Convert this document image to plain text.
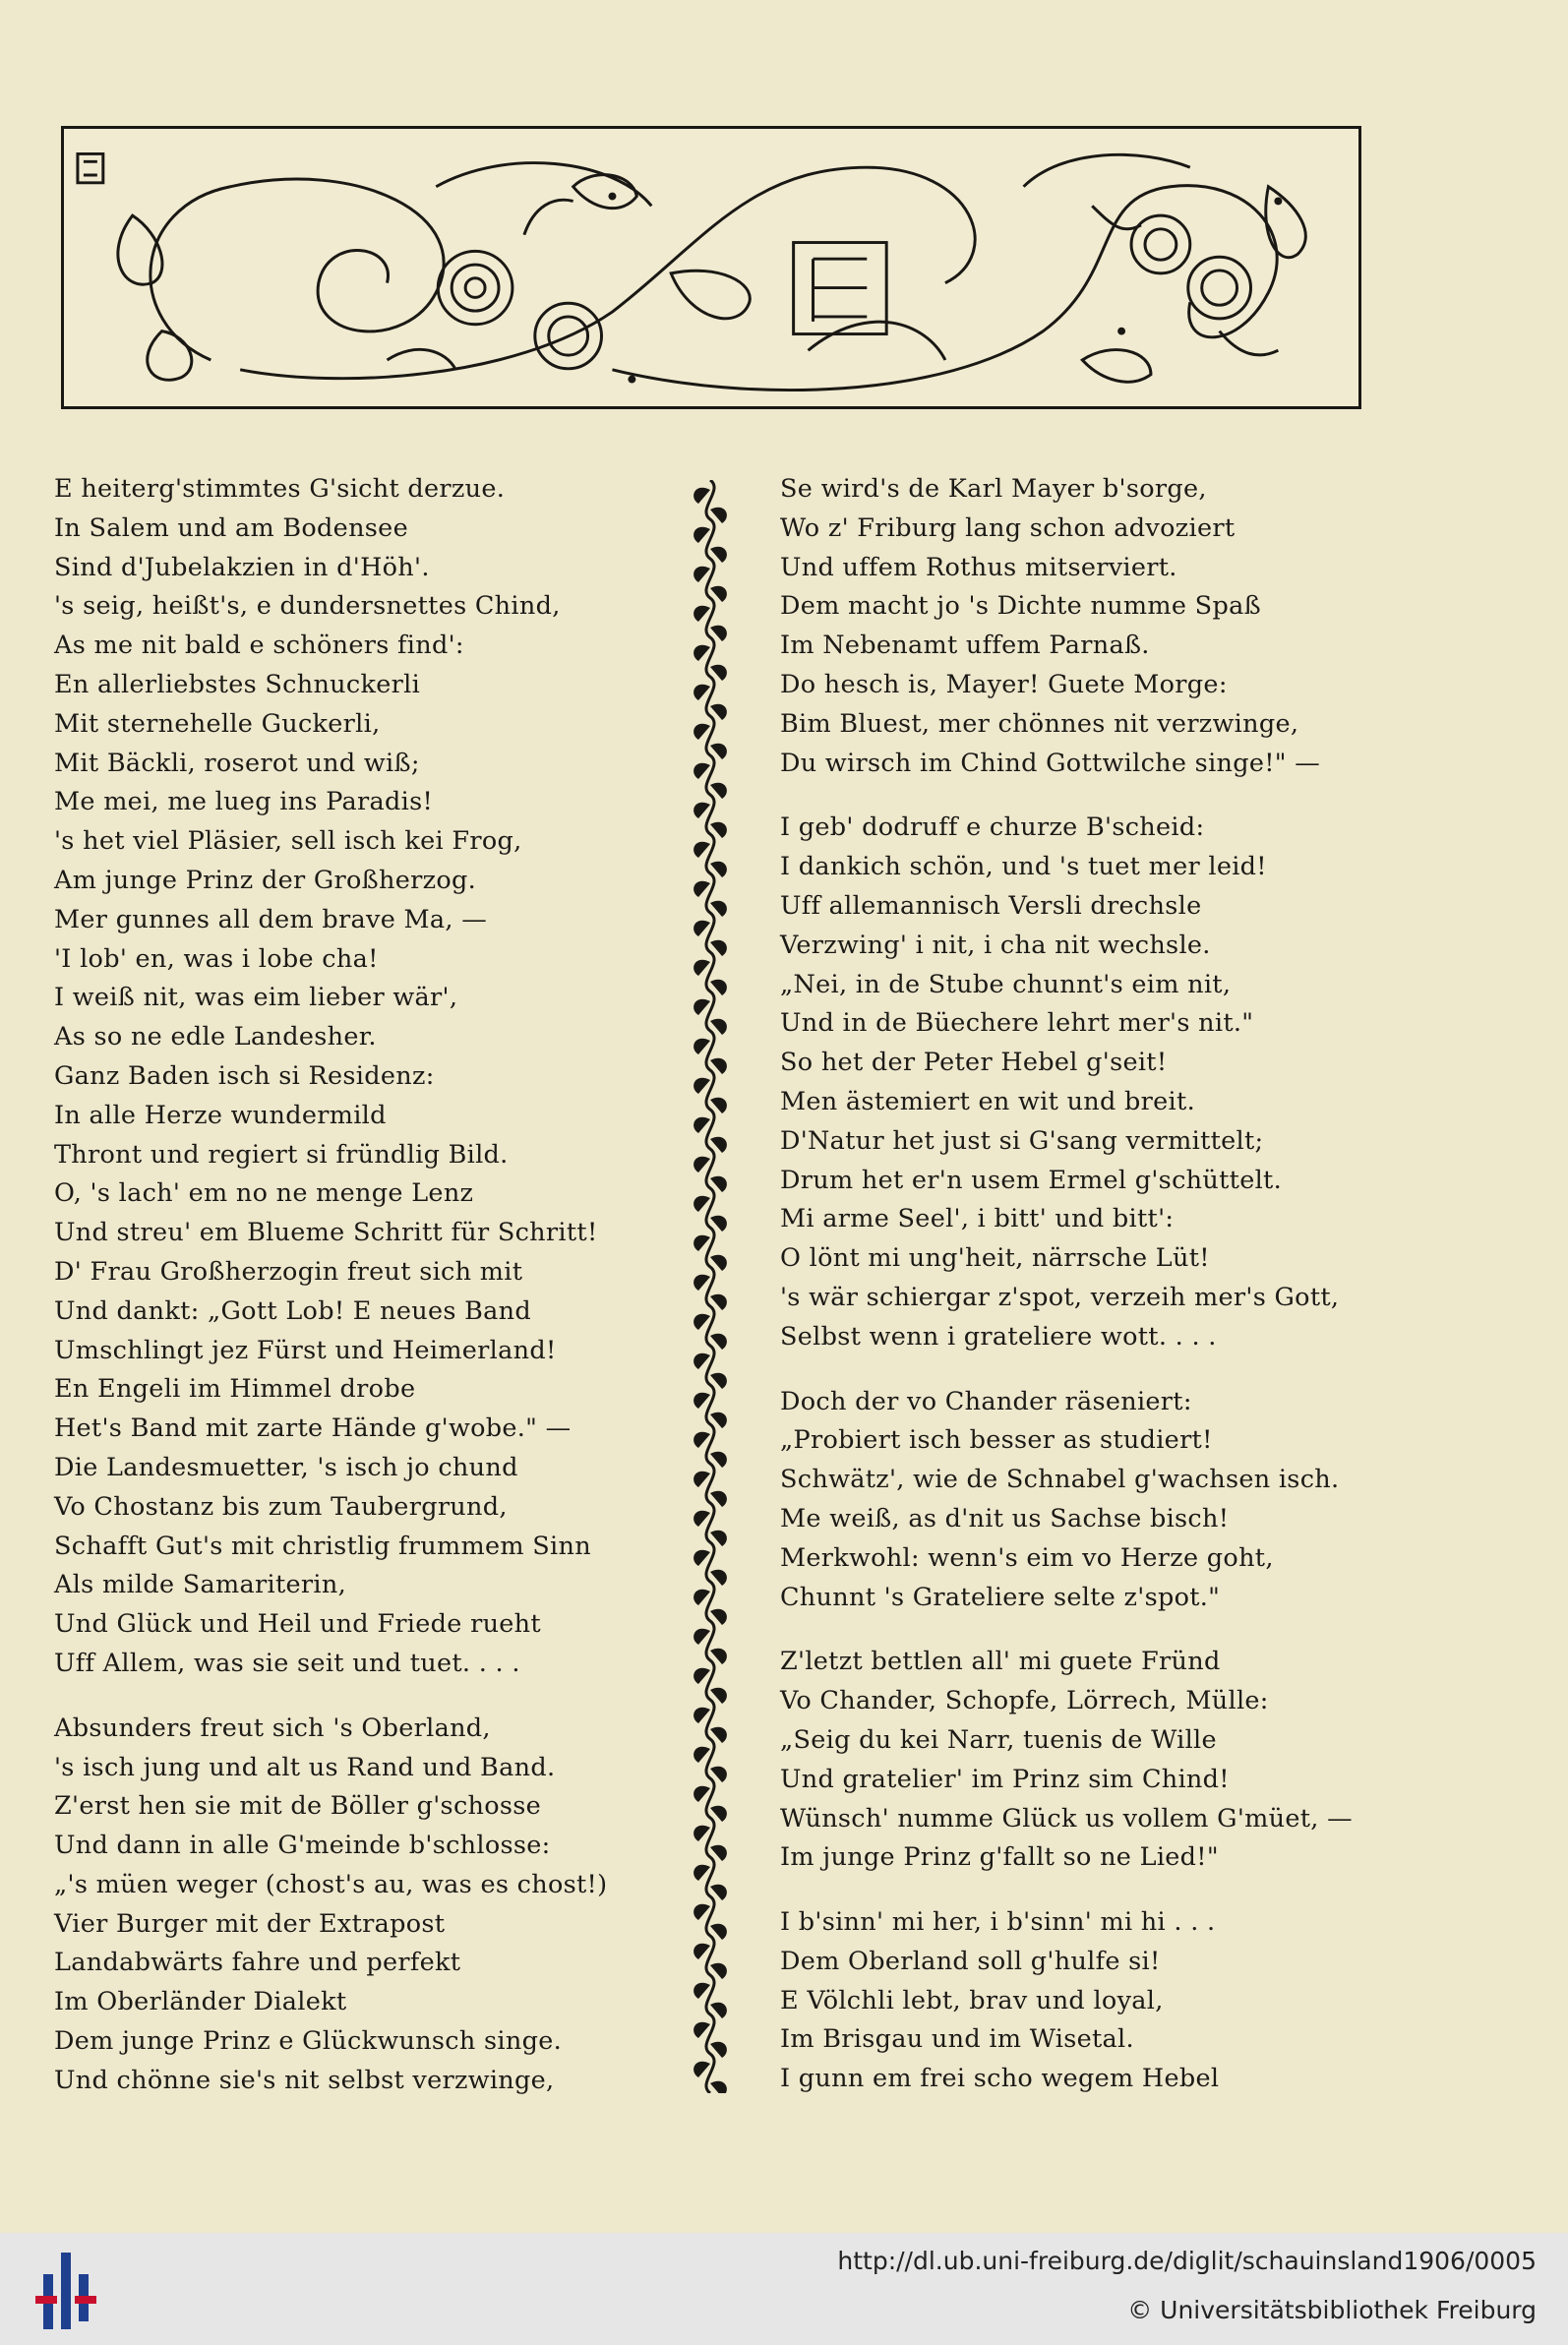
E heiterg'stimmtes G'sicht derzue.
In Salem und am Bodensee
Sind d'Jubelakzien in d'Höh'.
's seig, heißt's, e dundersnettes Chind,
As me nit bald e schöners find':
En allerliebstes Schnuckerli
Mit sternehelle Guckerli,
Mit Bäckli, roserot und wiß;
Me mei, me lueg ins Paradis!
's het viel Pläsier, sell isch kei Frog,
Am junge Prinz der Großherzog.
Mer gunnes all dem brave Ma, —
'I lob' en, was i lobe cha!
I weiß nit, was eim lieber wär',
As so ne edle Landesher.
Ganz Baden isch si Residenz:
In alle Herze wundermild
Thront und regiert si fründlig Bild.
O, 's lach' em no ne menge Lenz
Und streu' em Blueme Schritt für Schritt!
D' Frau Großherzogin freut sich mit
Und dankt: „Gott Lob! E neues Band
Umschlingt jez Fürst und Heimerland!
En Engeli im Himmel drobe
Het's Band mit zarte Hände g'wobe." —
Die Landesmuetter, 's isch jo chund
Vo Chostanz bis zum Taubergrund,
Schafft Gut's mit christlig frummem Sinn
Als milde Samariterin,
Und Glück und Heil und Friede rueht
Uff Allem, was sie seit und tuet. . . .
Absunders freut sich 's Oberland,
's isch jung und alt us Rand und Band.
Z'erst hen sie mit de Böller g'schosse
Und dann in alle G'meinde b'schlosse:
„'s müen weger (chost's au, was es chost!)
Vier Burger mit der Extrapost
Landabwärts fahre und perfekt
Im Oberländer Dialekt
Dem junge Prinz e Glückwunsch singe.
Und chönne sie's nit selbst verzwinge,
Se wird's de Karl Mayer b'sorge,
Wo z' Friburg lang schon advoziert
Und uffem Rothus mitserviert.
Dem macht jo 's Dichte numme Spaß
Im Nebenamt uffem Parnaß.
Do hesch is, Mayer! Guete Morge:
Bim Bluest, mer chönnes nit verzwinge,
Du wirsch im Chind Gottwilche singe!" —
I geb' dodruff e churze B'scheid:
I dankich schön, und 's tuet mer leid!
Uff allemannisch Versli drechsle
Verzwing' i nit, i cha nit wechsle.
„Nei, in de Stube chunnt's eim nit,
Und in de Büechere lehrt mer's nit."
So het der Peter Hebel g'seit!
Men ästemiert en wit und breit.
D'Natur het just si G'sang vermittelt;
Drum het er'n usem Ermel g'schüttelt.
Mi arme Seel', i bitt' und bitt':
O lönt mi ung'heit, närrsche Lüt!
's wär schiergar z'spot, verzeih mer's Gott,
Selbst wenn i grateliere wott. . . .
Doch der vo Chander räseniert:
„Probiert isch besser as studiert!
Schwätz', wie de Schnabel g'wachsen isch.
Me weiß, as d'nit us Sachse bisch!
Merkwohl: wenn's eim vo Herze goht,
Chunnt 's Grateliere selte z'spot."
Z'letzt bettlen all' mi guete Fründ
Vo Chander, Schopfe, Lörrech, Mülle:
„Seig du kei Narr, tuenis de Wille
Und gratelier' im Prinz sim Chind!
Wünsch' numme Glück us vollem G'müet, —
Im junge Prinz g'fallt so ne Lied!"
I b'sinn' mi her, i b'sinn' mi hi . . .
Dem Oberland soll g'hulfe si!
E Völchli lebt, brav und loyal,
Im Brisgau und im Wisetal.
I gunn em frei scho wegem Hebel
http://dl.ub.uni-freiburg.de/diglit/schauinsland1906/0005
© Universitätsbibliothek Freiburg
